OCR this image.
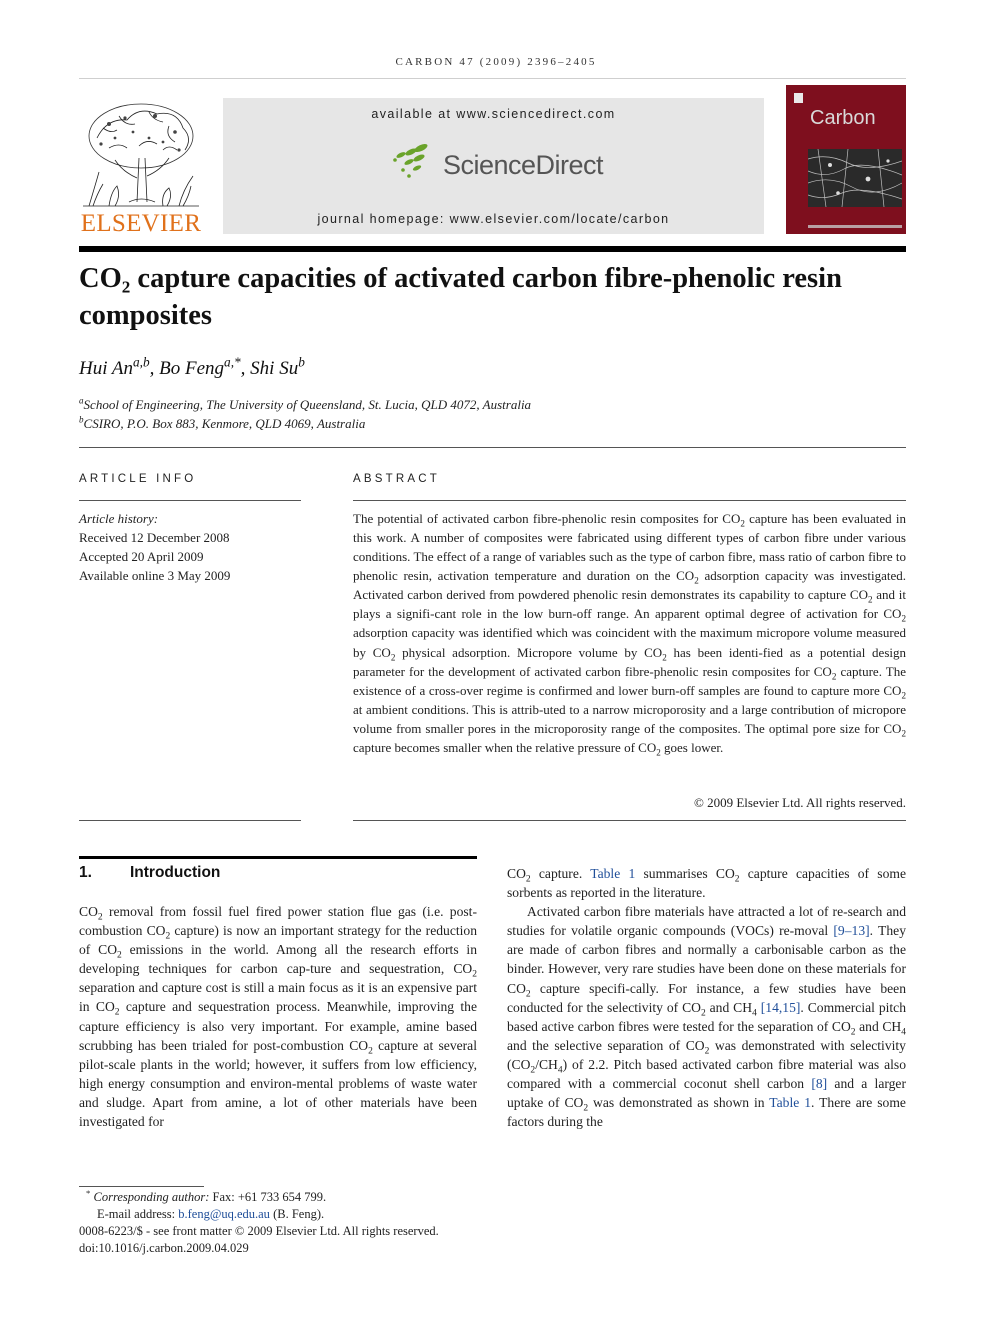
CARBON 47 (2009) 2396–2405
ELSEVIER
available at www.sciencedirect.com
ScienceDirect
journal homepage: www.elsevier.com/locate/carbon
Carbon
CO₂ capture capacities of activated carbon fibre-phenolic resin composites
Hui An$^{a,b}$, Bo Feng$^{a,*}$, Shi Su$^b$
$^a$School of Engineering, The University of Queensland, St. Lucia, QLD 4072, Australia
$^b$CSIRO, P.O. Box 883, Kenmore, QLD 4069, Australia
ARTICLE INFO	ABSTRACT
Article history:
Received 12 December 2008
Accepted 20 April 2009
Available online 3 May 2009
The potential of activated carbon fibre-phenolic resin composites for $CO_2$ capture has been evaluated in this work. A number of composites were fabricated using different types of carbon fibre under various conditions. The effect of a range of variables such as the type of carbon fibre, mass ratio of carbon fibre to phenolic resin, activation temperature and duration on the $CO_2$ adsorption capacity was investigated. Activated carbon derived from powdered phenolic resin demonstrates its capability to capture $CO_2$ and it plays a signifi-cant role in the low burn-off range. An apparent optimal degree of activation for $CO_2$ adsorption capacity was identified which was coincident with the maximum micropore volume measured by $CO_2$ physical adsorption. Micropore volume by $CO_2$ has been identi-fied as a potential design parameter for the development of activated carbon fibre-phenolic resin composites for $CO_2$ capture. The existence of a cross-over regime is confirmed and lower burn-off samples are found to capture more $CO_2$ at ambient conditions. This is attrib-uted to a narrow microporosity and a large contribution of micropore volume from smaller pores in the microporosity range of the composites. The optimal pore size for $CO_2$ capture becomes smaller when the relative pressure of $CO_2$ goes lower.
© 2009 Elsevier Ltd. All rights reserved.
1. Introduction

$CO_2$ removal from fossil fuel fired power station flue gas (i.e. post-combustion $CO_2$ capture) is now an important strategy for the reduction of $CO_2$ emissions in the world. Among all the research efforts in developing techniques for carbon cap-ture and sequestration, $CO_2$ separation and capture cost is still a main focus as it is an expensive part in $CO_2$ capture and sequestration process. Meanwhile, improving the capture efficiency is also very important. For example, amine based scrubbing has been trialed for post-combustion $CO_2$ capture at several pilot-scale plants in the world; however, it suffers from low efficiency, high energy consumption and environ-mental problems of waste water and sludge. Apart from amine, a lot of other materials have been investigated for

$CO_2$ capture. Table 1 summarises $CO_2$ capture capacities of some sorbents as reported in the literature.

Activated carbon fibre materials have attracted a lot of re-search and studies for volatile organic compounds (VOCs) re-moval [9–13]. They are made of carbon fibres and normally a carbonisable carbon as the binder. However, very rare studies have been done on these materials for $CO_2$ capture specifi-cally. For instance, a few studies have been conducted for the selectivity of $CO_2$ and $CH_4$ [14,15]. Commercial pitch based active carbon fibres were tested for the separation of $CO_2$ and $CH_4$ and the selective separation of $CO_2$ was demonstrated with selectivity $(CO_2/CH_4)$ of 2.2. Pitch based activated carbon fibre material was also compared with a commercial coconut shell carbon [8] and a larger uptake of $CO_2$ was demonstrated as shown in Table 1. There are some factors during the

* Corresponding author: Fax: +61 733 654 799.
E-mail address: b.feng@uq.edu.au (B. Feng).
0008-6223/$ - see front matter © 2009 Elsevier Ltd. All rights reserved.
doi:10.1016/j.carbon.2009.04.029
